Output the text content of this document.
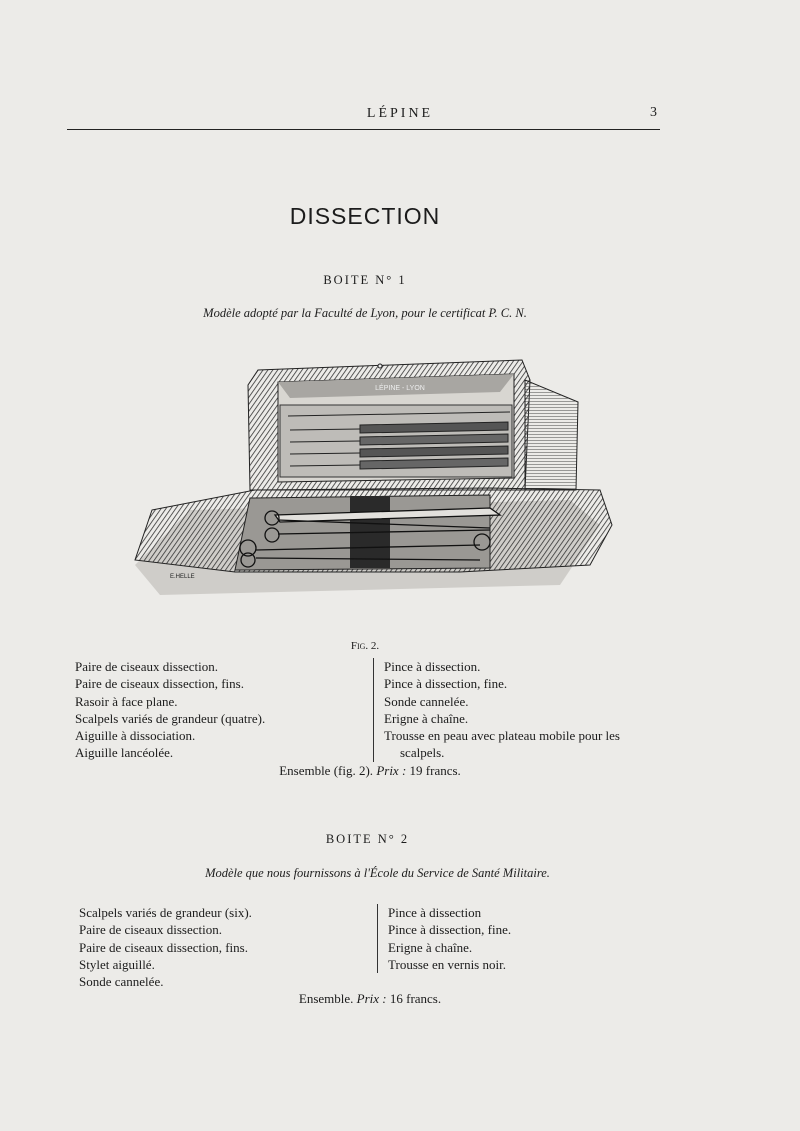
LÉPINE	3
DISSECTION
BOITE N° 1
Modèle adopté par la Faculté de Lyon, pour le certificat P. C. N.
LÉPINE - LYON
E.HELLE
Fig. 2.
Paire de ciseaux dissection.
Paire de ciseaux dissection, fins.
Rasoir à face plane.
Scalpels variés de grandeur (quatre).
Aiguille à dissociation.
Aiguille lancéolée.
Pince à dissection.
Pince à dissection, fine.
Sonde cannelée.
Erigne à chaîne.
Trousse en peau avec plateau mobile pour les
scalpels.
Ensemble (fig. 2). Prix : 19 francs.
BOITE N° 2
Modèle que nous fournissons à l'École du Service de Santé Militaire.
Scalpels variés de grandeur (six).
Paire de ciseaux dissection.
Paire de ciseaux dissection, fins.
Stylet aiguillé.
Sonde cannelée.
Pince à dissection
Pince à dissection, fine.
Erigne à chaîne.
Trousse en vernis noir.
Ensemble. Prix : 16 francs.
